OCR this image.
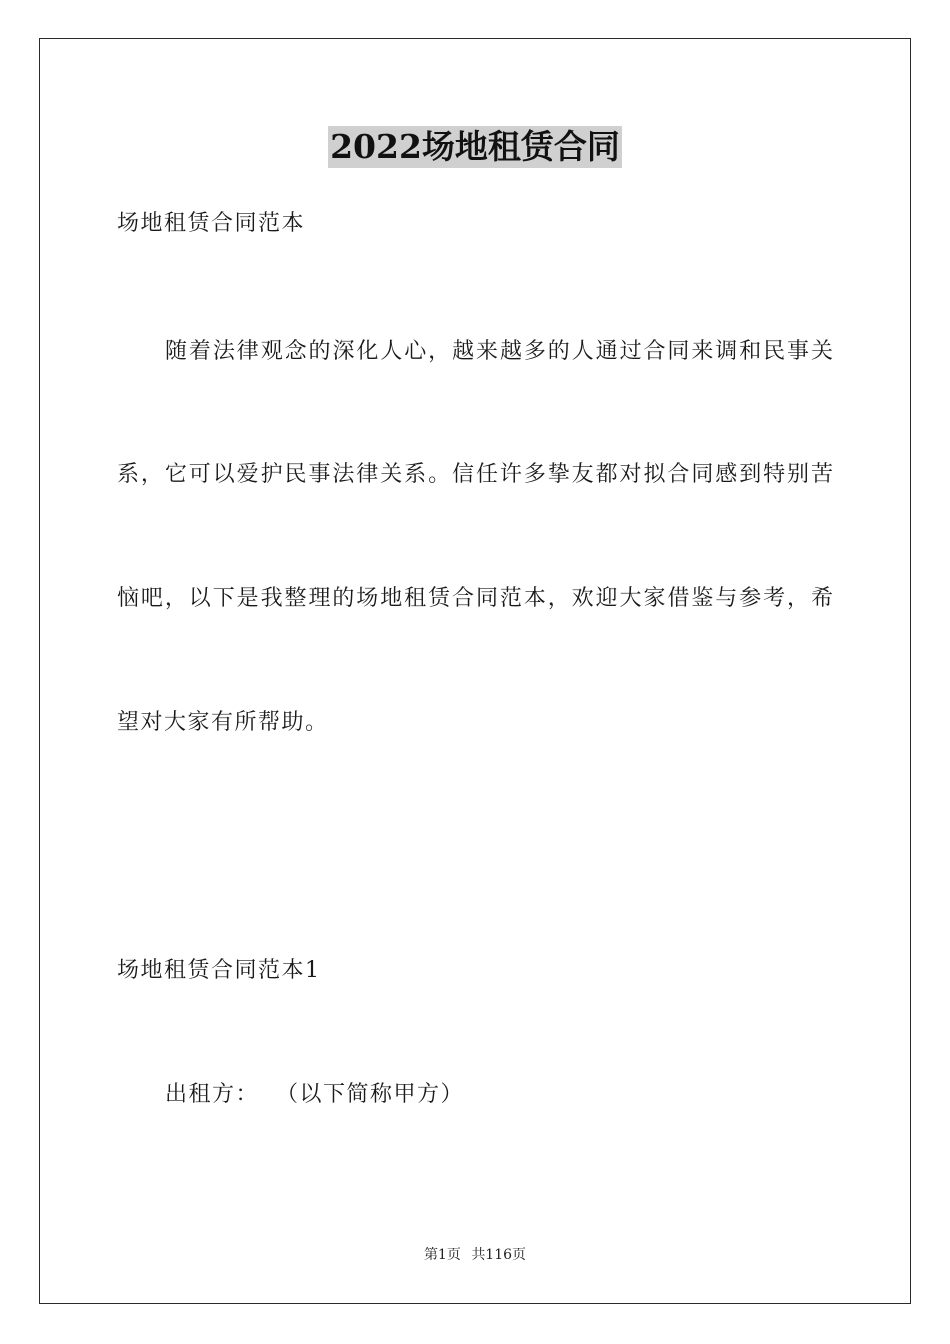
2022场地租赁合同
场地租赁合同范本
随着法律观念的深化人心，越来越多的人通过合同来调和民事关
系，它可以爱护民事法律关系。信任许多挚友都对拟合同感到特别苦
恼吧，以下是我整理的场地租赁合同范本，欢迎大家借鉴与参考，希
望对大家有所帮助。
场地租赁合同范本1
出租方：  （以下简称甲方）
第1页 共116页
